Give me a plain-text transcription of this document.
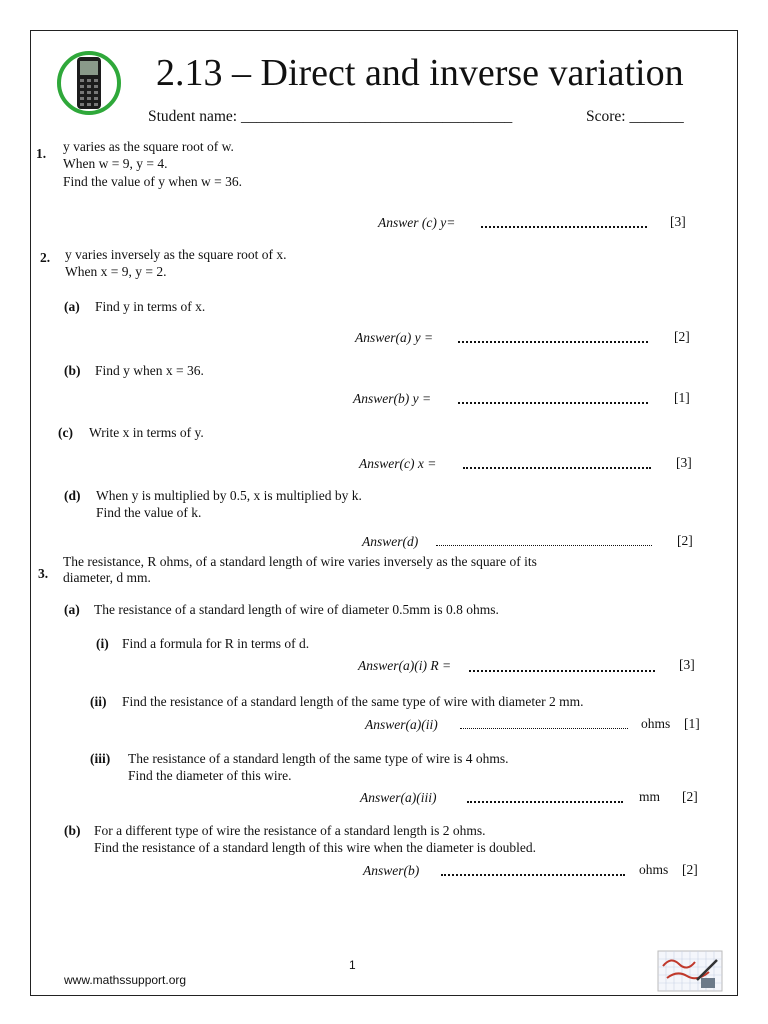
2.13 – Direct and inverse variation
Student name: ___________________________________	Score: _______
1. y varies as the square root of w.
When w = 9, y = 4.
Find the value of y when w = 36.
Answer (c) y=	[3]
2. y varies inversely as the square root of x.
When x = 9, y = 2.
(a) Find y in terms of x.
Answer(a) y =	[2]
(b) Find y when x = 36.
Answer(b) y =	[1]
(c) Write x in terms of y.
Answer(c) x =	[3]
(d) When y is multiplied by 0.5, x is multiplied by k.
Find the value of k.
Answer(d)	[2]
The resistance, R ohms, of a standard length of wire varies inversely as the square of its
3. diameter, d mm.
(a) The resistance of a standard length of wire of diameter 0.5mm is 0.8 ohms.
(i) Find a formula for R in terms of d.
Answer(a)(i) R =	[3]
(ii) Find the resistance of a standard length of the same type of wire with diameter 2 mm.
Answer(a)(ii)	ohms [1]
(iii) The resistance of a standard length of the same type of wire is 4 ohms.
Find the diameter of this wire.
Answer(a)(iii)	mm [2]
(b) For a different type of wire the resistance of a standard length is 2 ohms.
Find the resistance of a standard length of this wire when the diameter is doubled.
Answer(b)	ohms [2]
1
www.mathssupport.org
